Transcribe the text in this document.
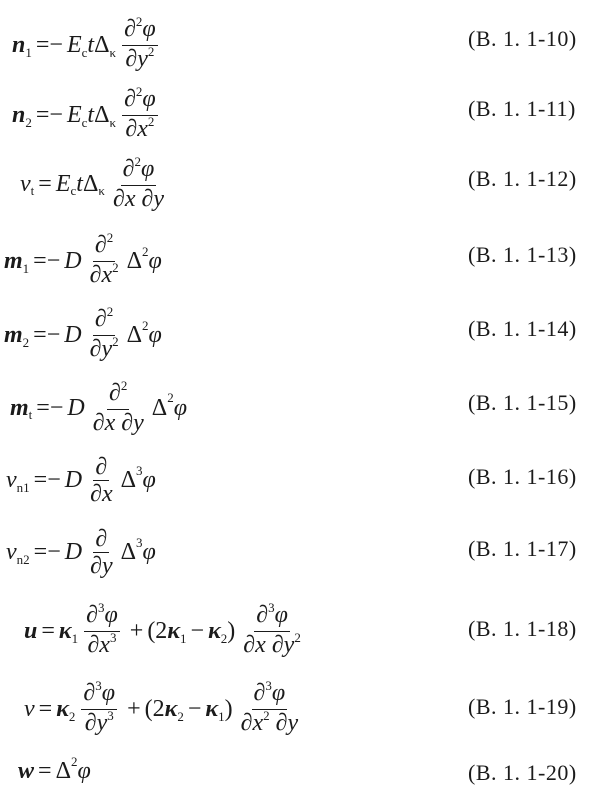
n 1 =− E c t Δ κ $\frac{\partial^2\varphi}{\partial y^2}$	(B. 1. 1-10)
n 2 =− E c t Δ κ $\frac{\partial^2\varphi}{\partial x^2}$	(B. 1. 1-11)
v t = E c t Δ κ $\frac{\partial^2\varphi}{\partial x \partial y}$	(B. 1. 1-12)
m 1 =− D $\frac{\partial^2}{\partial x^2}$ Δ 2 φ	(B. 1. 1-13)
m 2 =− D $\frac{\partial^2}{\partial y^2}$ Δ 2 φ	(B. 1. 1-14)
m t =− D $\frac{\partial^2}{\partial x \partial y}$ Δ 2 φ	(B. 1. 1-15)
v n1 =− D $\frac{\partial}{\partial x}$ Δ 3 φ	(B. 1. 1-16)
v n2 =− D $\frac{\partial}{\partial y}$ Δ 3 φ	(B. 1. 1-17)
u = κ $1 \frac{\partial^3\varphi}{\partial x^3} + (2$ κ 1 − κ 2 ) $\frac{\partial^3\varphi}{\partial x \partial y^2}$	(B. 1. 1-18)
v = κ $2 \frac{\partial^3\varphi}{\partial y^3} + (2$ κ 2 − κ 1 ) $\frac{\partial^3\varphi}{\partial x^2 \partial y}$	(B. 1. 1-19)
w = Δ 2 φ	(B. 1. 1-20)
